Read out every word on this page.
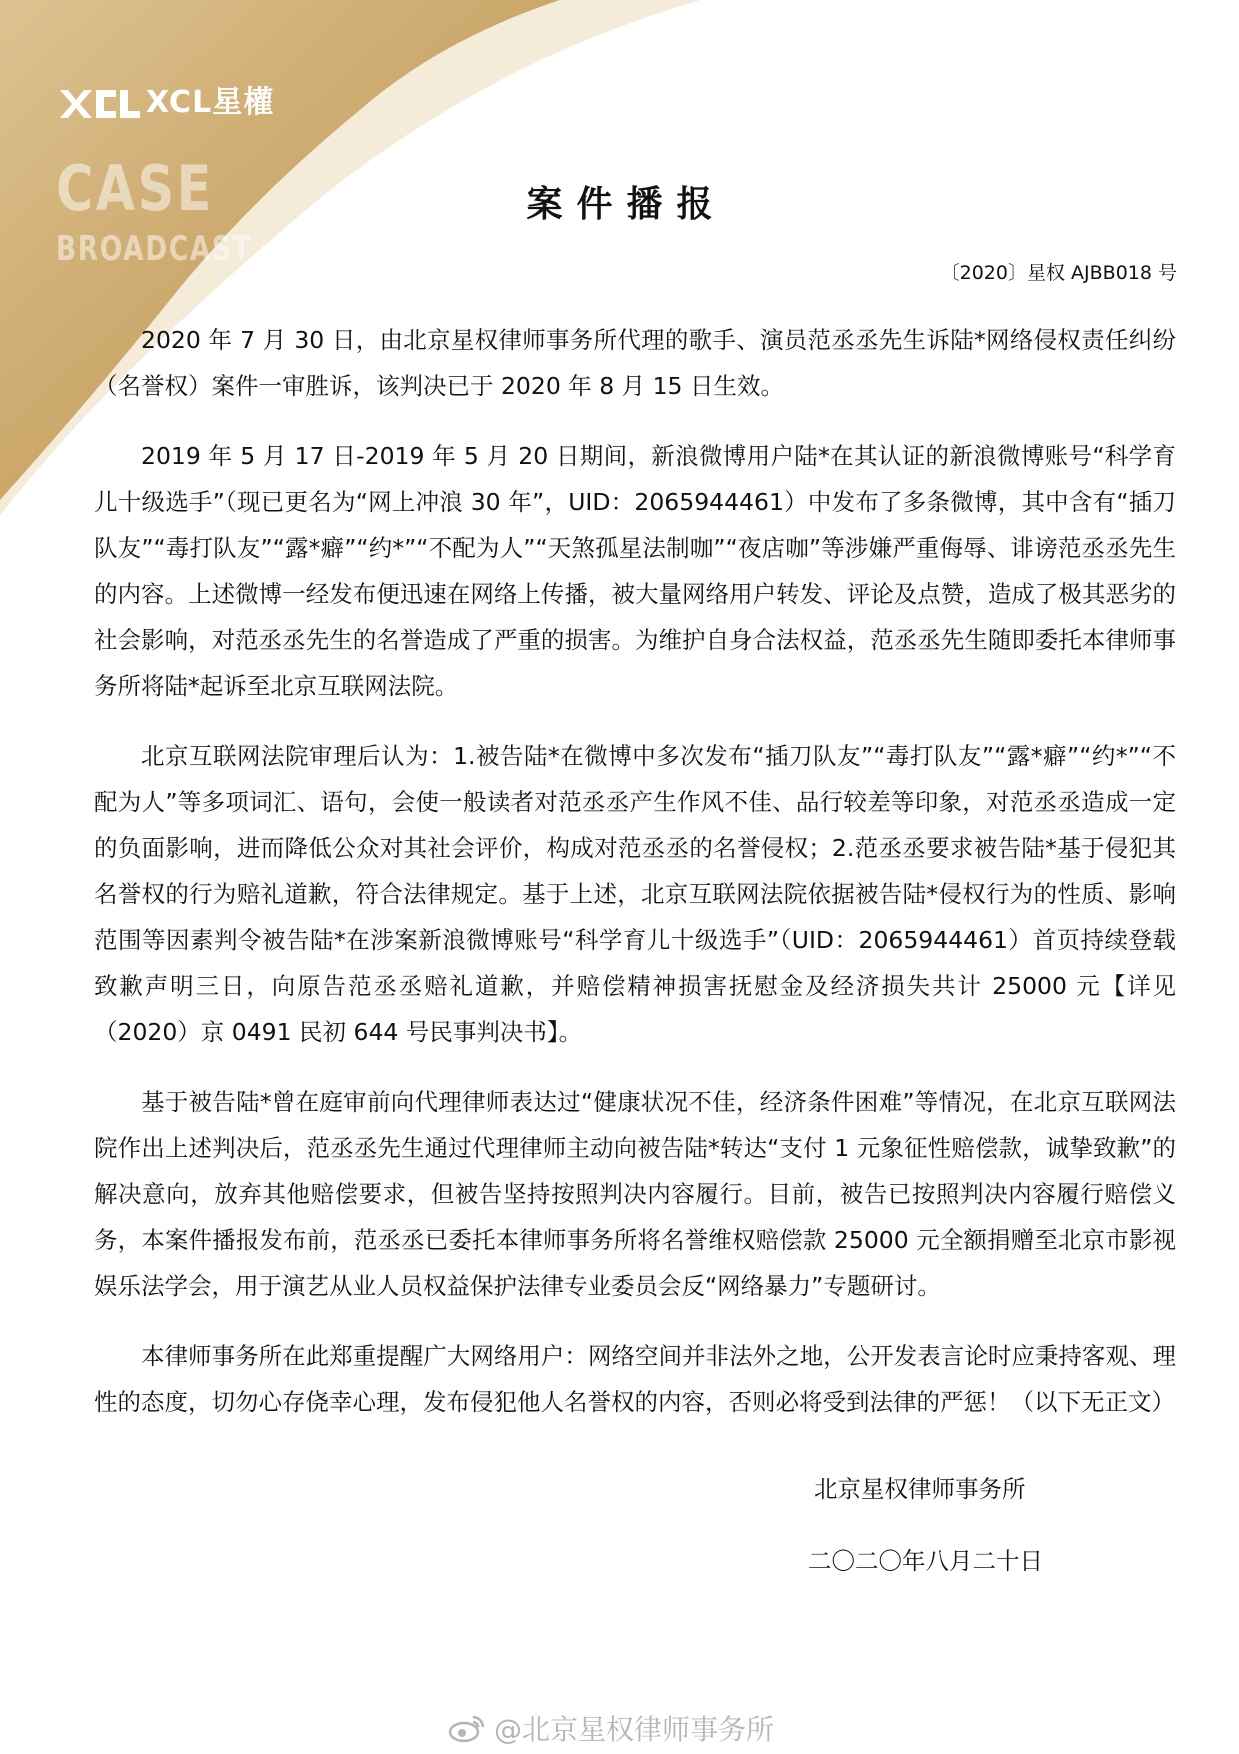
XCL星權
CASE
BROADCAST
案件播报
〔2020〕星权 AJBB018 号

2020 年 7 月 30 日，由北京星权律师事务所代理的歌手、演员范丞丞先生诉陆*网络侵权责任纠纷（名誉权）案件一审胜诉，该判决已于 2020 年 8 月 15 日生效。

2019 年 5 月 17 日-2019 年 5 月 20 日期间，新浪微博用户陆*在其认证的新浪微博账号“科学育儿十级选手”（现已更名为“网上冲浪 30 年”，UID：2065944461）中发布了多条微博，其中含有“插刀队友”“毒打队友”“露*癖”“约*”“不配为人”“天煞孤星法制咖”“夜店咖”等涉嫌严重侮辱、诽谤范丞丞先生的内容。上述微博一经发布便迅速在网络上传播，被大量网络用户转发、评论及点赞，造成了极其恶劣的社会影响，对范丞丞先生的名誉造成了严重的损害。为维护自身合法权益，范丞丞先生随即委托本律师事务所将陆*起诉至北京互联网法院。

北京互联网法院审理后认为：1.被告陆*在微博中多次发布“插刀队友”“毒打队友”“露*癖”“约*”“不配为人”等多项词汇、语句，会使一般读者对范丞丞产生作风不佳、品行较差等印象，对范丞丞造成一定的负面影响，进而降低公众对其社会评价，构成对范丞丞的名誉侵权；2.范丞丞要求被告陆*基于侵犯其名誉权的行为赔礼道歉，符合法律规定。基于上述，北京互联网法院依据被告陆*侵权行为的性质、影响范围等因素判令被告陆*在涉案新浪微博账号“科学育儿十级选手”（UID：2065944461）首页持续登载致歉声明三日，向原告范丞丞赔礼道歉，并赔偿精神损害抚慰金及经济损失共计 25000 元【详见（2020）京 0491 民初 644 号民事判决书】。

基于被告陆*曾在庭审前向代理律师表达过“健康状况不佳，经济条件困难”等情况，在北京互联网法院作出上述判决后，范丞丞先生通过代理律师主动向被告陆*转达“支付 1 元象征性赔偿款，诚挚致歉”的解决意向，放弃其他赔偿要求，但被告坚持按照判决内容履行。目前，被告已按照判决内容履行赔偿义务，本案件播报发布前，范丞丞已委托本律师事务所将名誉维权赔偿款 25000 元全额捐赠至北京市影视娱乐法学会，用于演艺从业人员权益保护法律专业委员会反“网络暴力”专题研讨。

本律师事务所在此郑重提醒广大网络用户：网络空间并非法外之地，公开发表言论时应秉持客观、理性的态度，切勿心存侥幸心理，发布侵犯他人名誉权的内容，否则必将受到法律的严惩！（以下无正文）

北京星权律师事务所
二〇二〇年八月二十日
@北京星权律师事务所
